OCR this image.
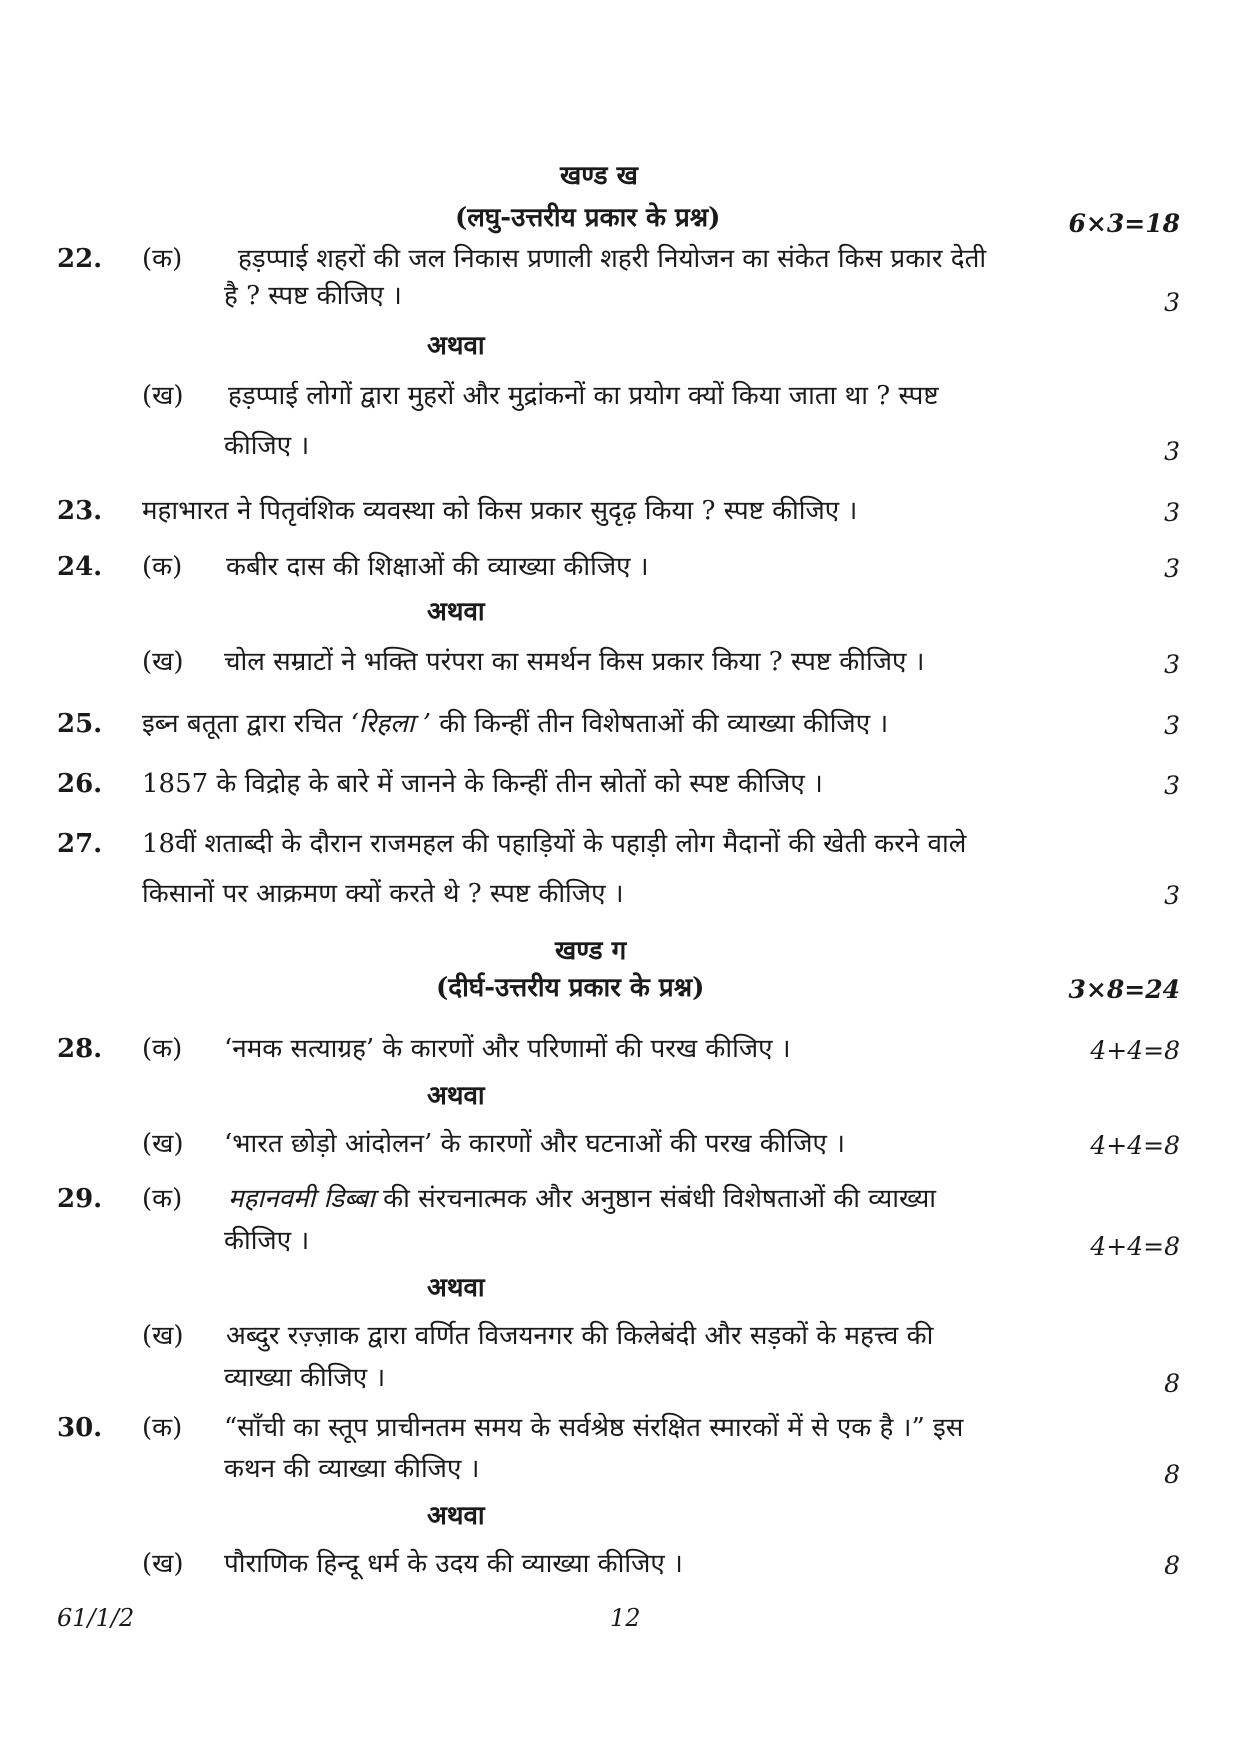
खण्ड ख
(लघु-उत्तरीय प्रकार के प्रश्न)	6×3=18
22. (क) हड़प्पाई शहरों की जल निकास प्रणाली शहरी नियोजन का संकेत किस प्रकार देती
है ? स्पष्ट कीजिए ।	3
अथवा
(ख) हड़प्पाई लोगों द्वारा मुहरों और मुद्रांकनों का प्रयोग क्यों किया जाता था ? स्पष्ट
कीजिए ।	3
23. महाभारत ने पितृवंशिक व्यवस्था को किस प्रकार सुदृढ़ किया ? स्पष्ट कीजिए ।	3
24. (क) कबीर दास की शिक्षाओं की व्याख्या कीजिए ।	3
अथवा
(ख) चोल सम्राटों ने भक्ति परंपरा का समर्थन किस प्रकार किया ? स्पष्ट कीजिए ।	3
25. इब्न बतूता द्वारा रचित ‘रिहला ’ की किन्हीं तीन विशेषताओं की व्याख्या कीजिए ।	3
26. 1857 के विद्रोह के बारे में जानने के किन्हीं तीन स्रोतों को स्पष्ट कीजिए ।	3
27. 18वीं शताब्दी के दौरान राजमहल की पहाड़ियों के पहाड़ी लोग मैदानों की खेती करने वाले
किसानों पर आक्रमण क्यों करते थे ? स्पष्ट कीजिए ।	3
खण्ड ग
(दीर्घ-उत्तरीय प्रकार के प्रश्न)	3×8=24
28. (क) ‘नमक सत्याग्रह’ के कारणों और परिणामों की परख कीजिए ।	4+4=8
अथवा
(ख) ‘भारत छोड़ो आंदोलन’ के कारणों और घटनाओं की परख कीजिए ।	4+4=8
29. (क) महानवमी डिब्बा की संरचनात्मक और अनुष्ठान संबंधी विशेषताओं की व्याख्या
कीजिए ।	4+4=8
अथवा
(ख) अब्दुर रज़्ज़ाक द्वारा वर्णित विजयनगर की किलेबंदी और सड़कों के महत्त्व की
व्याख्या कीजिए ।	8
30. (क) “साँची का स्तूप प्राचीनतम समय के सर्वश्रेष्ठ संरक्षित स्मारकों में से एक है ।” इस
कथन की व्याख्या कीजिए ।	8
अथवा
(ख) पौराणिक हिन्दू धर्म के उदय की व्याख्या कीजिए ।	8
61/1/2	12
